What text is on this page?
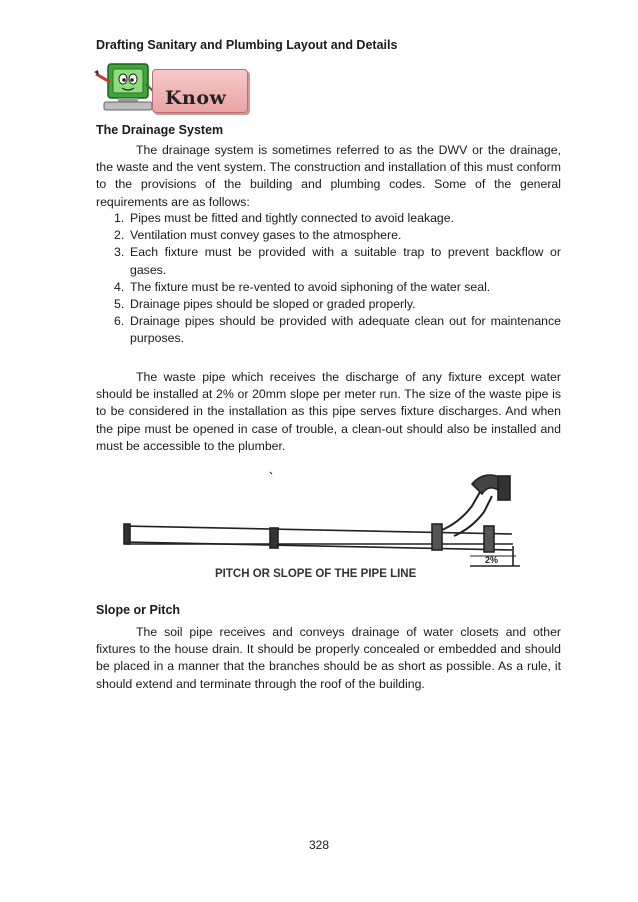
Drafting Sanitary and Plumbing Layout and Details
Know
The Drainage System

The drainage system is sometimes referred to as the DWV or the drainage, the waste and the vent system. The construction and installation of this must conform to the provisions of the building and plumbing codes. Some of the general requirements are as follows:

1. Pipes must be fitted and tightly connected to avoid leakage.
2. Ventilation must convey gases to the atmosphere.
3. Each fixture must be provided with a suitable trap to prevent backflow or gases.
4. The fixture must be re-vented to avoid siphoning of the water seal.
5. Drainage pipes should be sloped or graded properly.
6. Drainage pipes should be provided with adequate clean out for maintenance purposes.

The waste pipe which receives the discharge of any fixture except water should be installed at 2% or 20mm slope per meter run. The size of the waste pipe is to be considered in the installation as this pipe serves fixture discharges. And when the pipe must be opened in case of trouble, a clean-out should also be installed and must be accessible to the plumber.

2%
PITCH OR SLOPE OF THE PIPE LINE
Slope or Pitch

The soil pipe receives and conveys drainage of water closets and other fixtures to the house drain. It should be properly concealed or embedded and should be placed in a manner that the branches should be as short as possible. As a rule, it should extend and terminate through the roof of the building.

328
